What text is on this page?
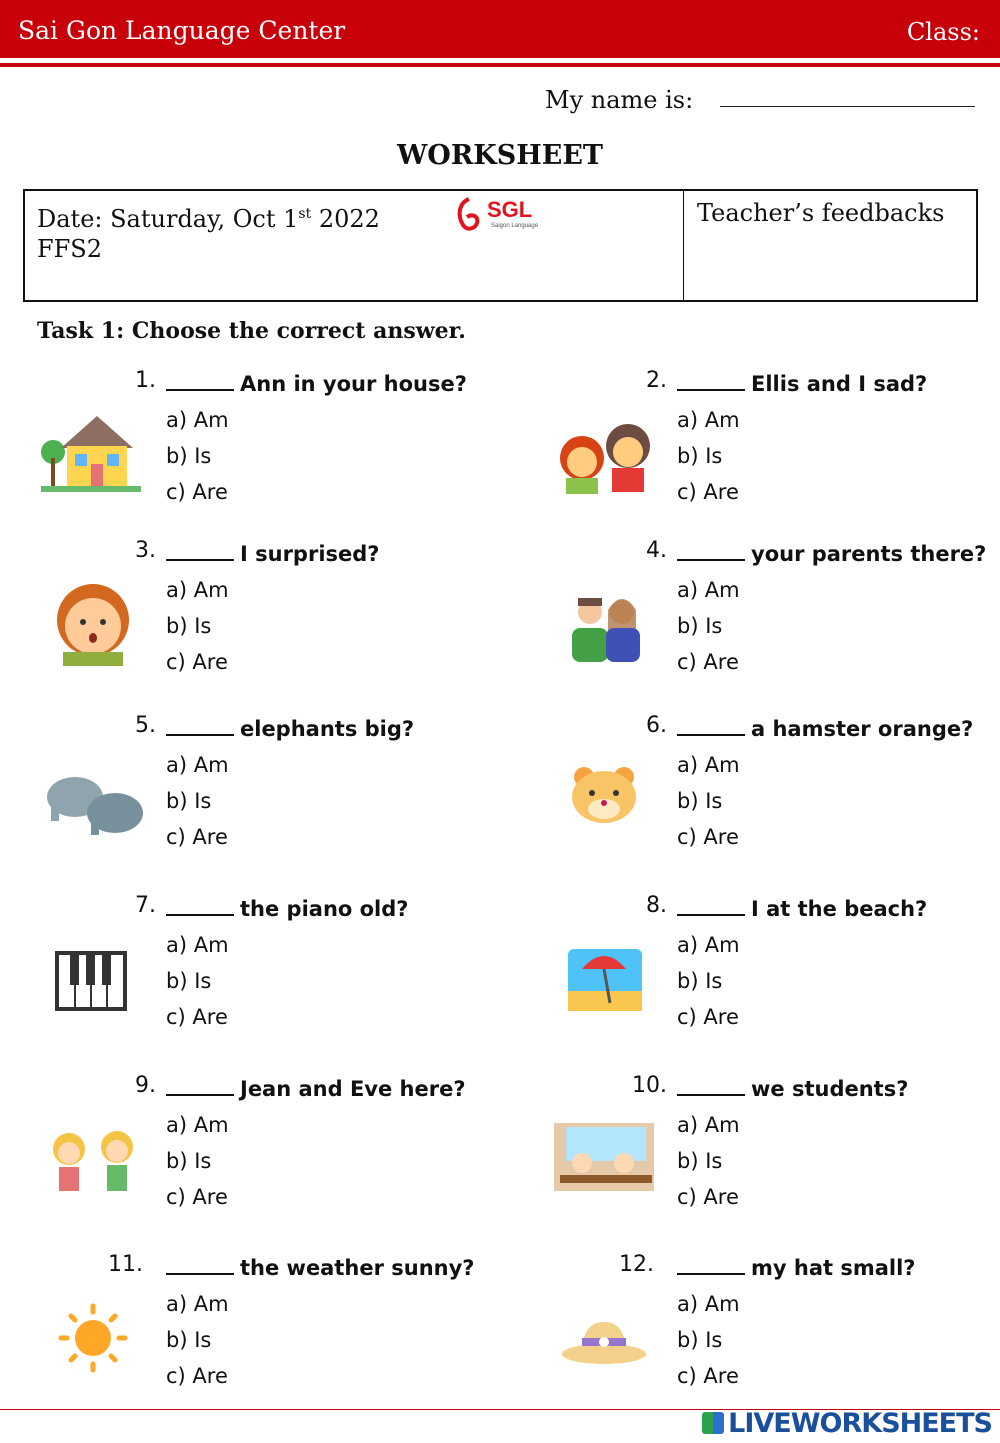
Sai Gon Language Center	Class:
My name is:
WORKSHEET
Date: Saturday, Oct 1st 2022
FFS2
SGL
Saigon Language	Teacher’s feedbacks
Task 1: Choose the correct answer.
1.	Ann in your house?
a) Am
b) Is
c) Are
2.	Ellis and I sad?
a) Am
b) Is
c) Are
3.	I surprised?
a) Am
b) Is
c) Are
4.	your parents there?
a) Am
b) Is
c) Are
5.	elephants big?
a) Am
b) Is
c) Are
6.	a hamster orange?
a) Am
b) Is
c) Are
7.	the piano old?
a) Am
b) Is
c) Are
8.	I at the beach?
a) Am
b) Is
c) Are
9.	Jean and Eve here?
a) Am
b) Is
c) Are
10.	we students?
a) Am
b) Is
c) Are
11.	the weather sunny?
a) Am
b) Is
c) Are
12.	my hat small?
a) Am
b) Is
c) Are
LIVEWORKSHEETS
